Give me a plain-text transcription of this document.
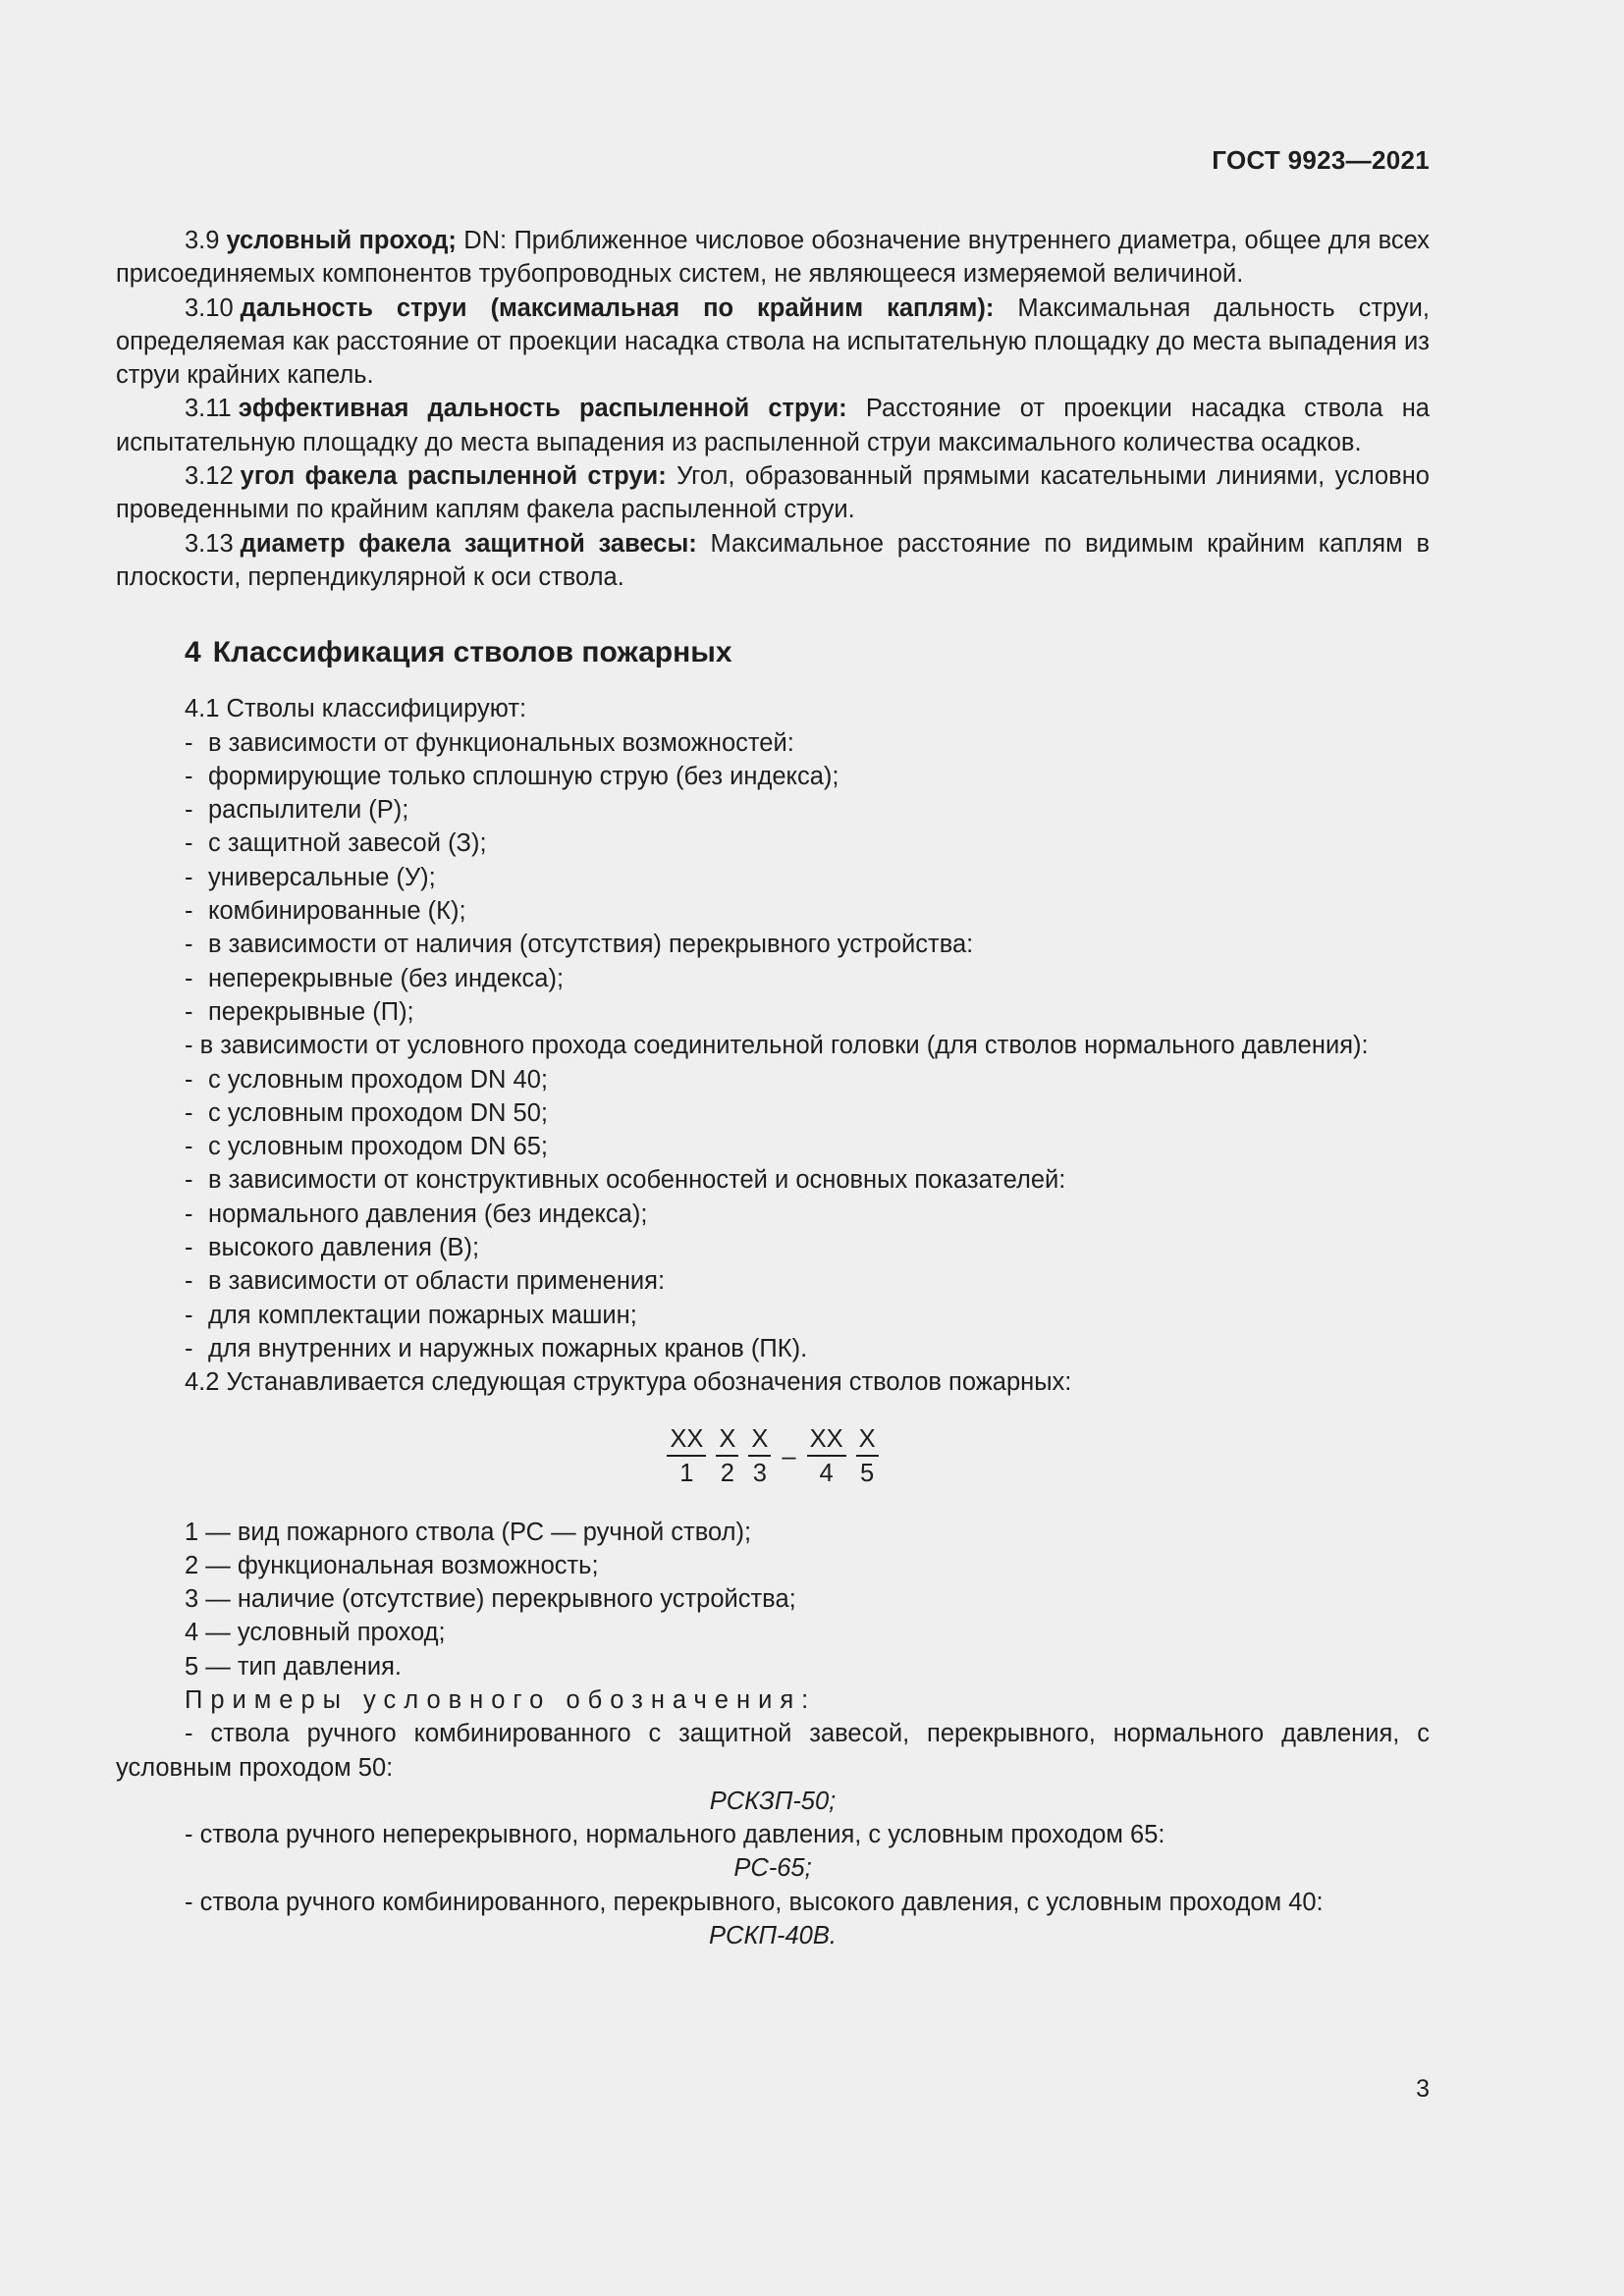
ГОСТ 9923—2021

3.9 условный проход; DN: Приближенное числовое обозначение внутреннего диаметра, общее для всех присоединяемых компонентов трубопроводных систем, не являющееся измеряемой величиной.

3.10 дальность струи (максимальная по крайним каплям): Максимальная дальность струи, определяемая как расстояние от проекции насадка ствола на испытательную площадку до места выпадения из струи крайних капель.

3.11 эффективная дальность распыленной струи: Расстояние от проекции насадка ствола на испытательную площадку до места выпадения из распыленной струи максимального количества осадков.

3.12 угол факела распыленной струи: Угол, образованный прямыми касательными линиями, условно проведенными по крайним каплям факела распыленной струи.

3.13 диаметр факела защитной завесы: Максимальное расстояние по видимым крайним каплям в плоскости, перпендикулярной к оси ствола.

4 Классификация стволов пожарных
4.1 Стволы классифицируют:
- в зависимости от функциональных возможностей:
- формирующие только сплошную струю (без индекса);
- распылители (Р);
- с защитной завесой (З);
- универсальные (У);
- комбинированные (К);
- в зависимости от наличия (отсутствия) перекрывного устройства:
- неперекрывные (без индекса);
- перекрывные (П);

- в зависимости от условного прохода соединительной головки (для стволов нормального давления):

- с условным проходом DN 40;
- с условным проходом DN 50;
- с условным проходом DN 65;
- в зависимости от конструктивных особенностей и основных показателей:
- нормального давления (без индекса);
- высокого давления (В);
- в зависимости от области применения:
- для комплектации пожарных машин;
- для внутренних и наружных пожарных кранов (ПК).
4.2 Устанавливается следующая структура обозначения стволов пожарных:
$\frac{ХХ}{1} \frac{Х}{2} \frac{Х}{3} - \frac{ХХ}{4} \frac{Х}{5}$
1 — вид пожарного ствола (РС — ручной ствол);
2 — функциональная возможность;
3 — наличие (отсутствие) перекрывного устройства;
4 — условный проход;
5 — тип давления.
Примеры условного обозначения:

- ствола ручного комбинированного с защитной завесой, перекрывного, нормального давления, с условным проходом 50:

РСКЗП-50;

- ствола ручного неперекрывного, нормального давления, с условным проходом 65:

РС-65;

- ствола ручного комбинированного, перекрывного, высокого давления, с условным проходом 40:

РСКП-40В.

3
